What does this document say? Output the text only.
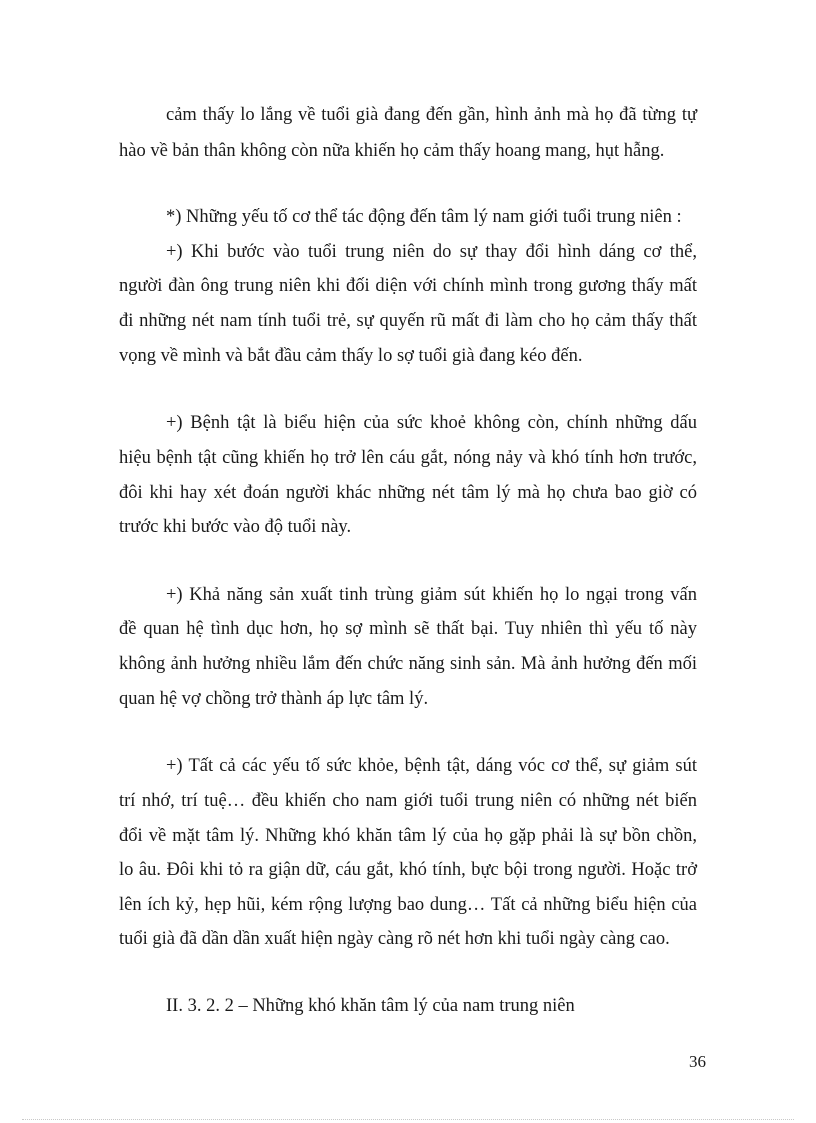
cảm thấy lo lắng về tuổi già đang đến gần, hình ảnh mà họ đã từng tự
hào về bản thân không còn nữa khiến họ cảm thấy hoang mang, hụt hẫng.
*) Những yếu tố cơ thể tác động đến tâm lý nam giới tuổi trung niên :
+) Khi bước vào tuổi trung niên do sự thay đổi hình dáng cơ thể,
người đàn ông trung niên khi đối diện với chính mình trong gương thấy mất
đi những nét nam tính tuổi trẻ, sự quyến rũ mất đi làm cho họ cảm thấy thất
vọng về mình và bắt đầu cảm thấy lo sợ tuổi già đang kéo đến.
+) Bệnh tật là biểu hiện của sức khoẻ không còn, chính những dấu
hiệu bệnh tật cũng khiến họ trở lên cáu gắt, nóng nảy và khó tính hơn trước,
đôi khi hay xét đoán người khác những nét tâm lý mà họ chưa bao giờ có
trước khi bước vào độ tuổi này.
+) Khả năng sản xuất tinh trùng giảm sút khiến họ lo ngại trong vấn
đề quan hệ tình dục hơn, họ sợ mình sẽ thất bại. Tuy nhiên thì yếu tố này
không ảnh hưởng nhiều lắm đến chức năng sinh sản. Mà ảnh hưởng đến mối
quan hệ vợ chồng trở thành áp lực tâm lý.
+) Tất cả các yếu tố sức khỏe, bệnh tật, dáng vóc cơ thể, sự giảm sút
trí nhớ, trí tuệ… đều khiến cho nam giới tuổi trung niên có những nét biến
đổi về mặt tâm lý. Những khó khăn tâm lý của họ gặp phải là sự bồn chồn,
lo âu. Đôi khi tỏ ra giận dữ, cáu gắt, khó tính, bực bội trong người. Hoặc trở
lên ích kỷ, hẹp hũi, kém rộng lượng bao dung… Tất cả những biểu hiện của
tuổi già đã dần dần xuất hiện ngày càng rõ nét hơn khi tuổi ngày càng cao.
II. 3. 2. 2 – Những khó khăn tâm lý của nam trung niên
36
